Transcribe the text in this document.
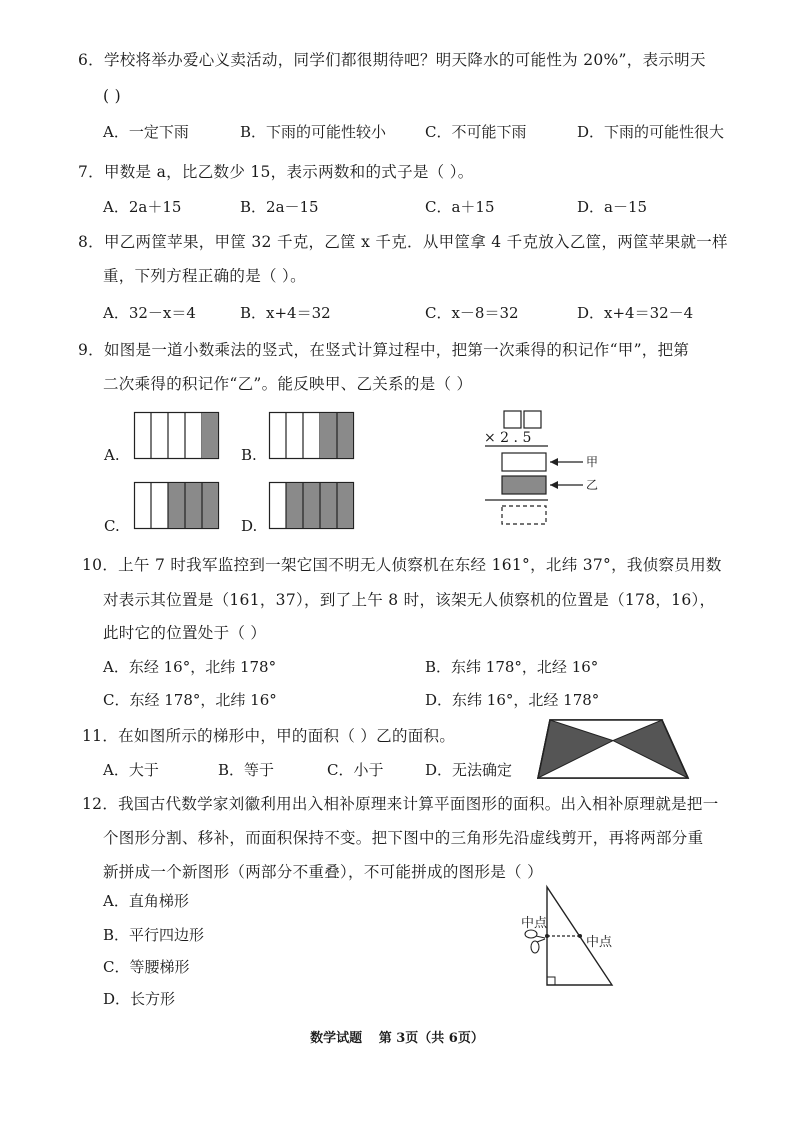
6．学校将举办爱心义卖活动，同学们都很期待吧？明天降水的可能性为 20%”，表示明天
( )
A．一定下雨	B．下雨的可能性较小	C．不可能下雨	D．下雨的可能性很大
7．甲数是 a，比乙数少 15，表示两数和的式子是（ ）。
A．2a＋15	B．2a－15	C．a＋15	D．a－15
8．甲乙两筐苹果，甲筐 32 千克，乙筐 x 千克．从甲筐拿 4 千克放入乙筐，两筐苹果就一样
重，下列方程正确的是（ ）。
A．32－x＝4	B．x+4＝32	C．x－8＝32	D．x+4＝32－4
9．如图是一道小数乘法的竖式，在竖式计算过程中，把第一次乘得的积记作“甲”，把第
二次乘得的积记作“乙”。能反映甲、乙关系的是（ ）
A.	B.
C.	D.
× 2 . 5
甲
乙
10．上午 7 时我军监控到一架它国不明无人侦察机在东经 161°，北纬 37°，我侦察员用数
对表示其位置是（161，37），到了上午 8 时，该架无人侦察机的位置是（178，16），
此时它的位置处于（ ）
A．东经 16°，北纬 178°	B．东纬 178°，北经 16°
C．东经 178°，北纬 16°	D．东纬 16°，北经 178°
11．在如图所示的梯形中，甲的面积（ ）乙的面积。
A．大于	B．等于	C．小于	D．无法确定
12．我国古代数学家刘徽利用出入相补原理来计算平面图形的面积。出入相补原理就是把一
个图形分割、移补，而面积保持不变。把下图中的三角形先沿虚线剪开，再将两部分重
新拼成一个新图形（两部分不重叠），不可能拼成的图形是（ ）
A．直角梯形
B．平行四边形
C．等腰梯形
D．长方形
中点
中点
数学试题 第 3页（共 6页）
